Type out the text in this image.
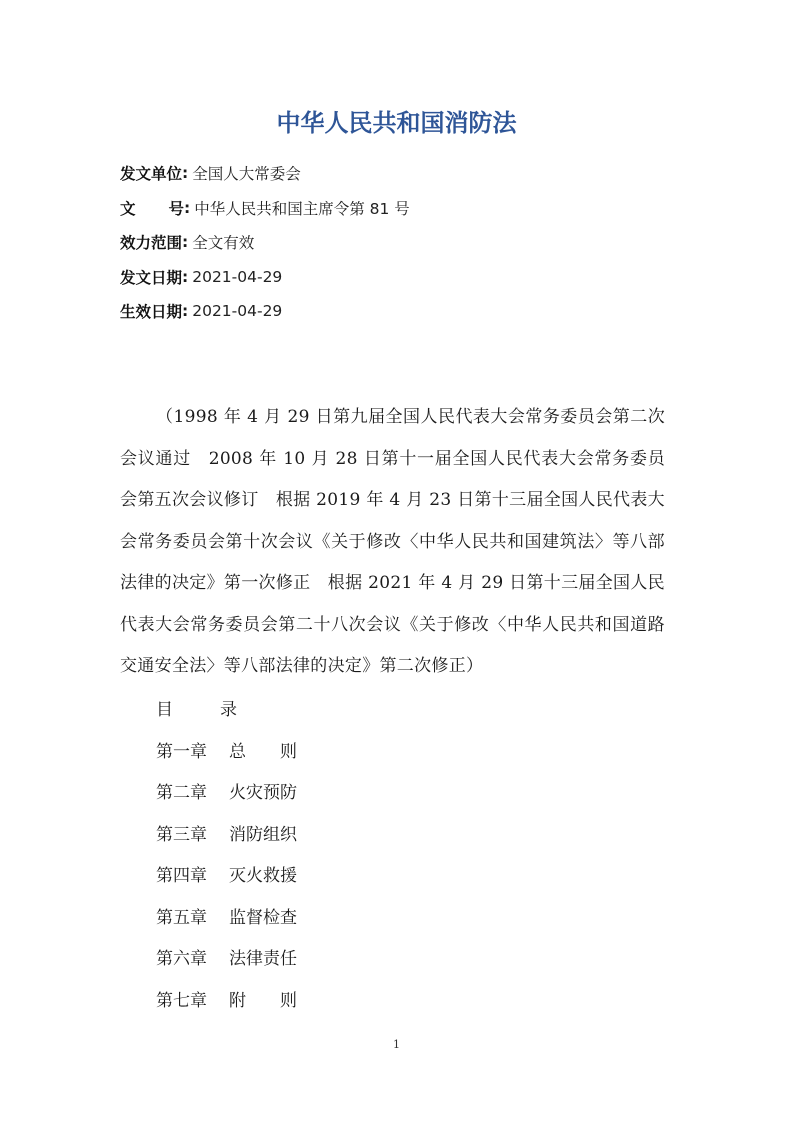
中华人民共和国消防法
发文单位 : 全国人大常委会
文 号 : 中华人民共和国主席令第 81 号
效力范围 : 全文有效
发文日期 : 2021-04-29
生效日期 : 2021-04-29

（1998 年 4 月 29 日第九届全国人民代表大会常务委员会第二次会议通过　2008 年 10 月 28 日第十一届全国人民代表大会常务委员会第五次会议修订　根据 2019 年 4 月 23 日第十三届全国人民代表大会常务委员会第十次会议《关于修改〈中华人民共和国建筑法〉等八部法律的决定》第一次修正　根据 2021 年 4 月 29 日第十三届全国人民代表大会常务委员会第二十八次会议《关于修改〈中华人民共和国道路交通安全法〉等八部法律的决定》第二次修正）

目	录
第一章 总　　则
第二章 火灾预防
第三章 消防组织
第四章 灭火救援
第五章 监督检查
第六章 法律责任
第七章 附　　则
1
